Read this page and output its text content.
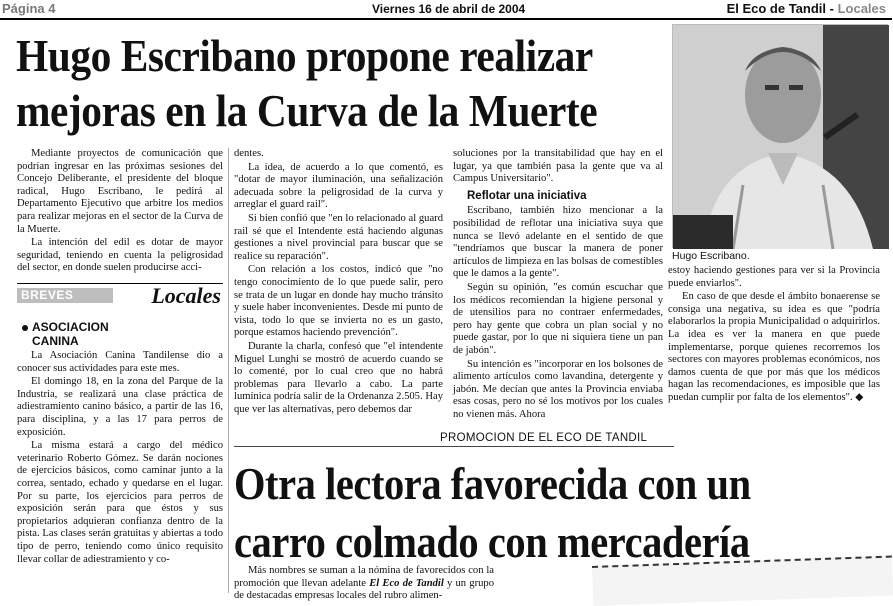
Página 4	Viernes 16 de abril de 2004	El Eco de Tandil - Locales
Hugo Escribano propone realizar
mejoras en la Curva de la Muerte
Hugo Escribano.

Mediante proyectos de comunicación que podrían ingresar en las próximas sesiones del Concejo Deliberante, el presidente del bloque radical, Hugo Escribano, le pedirá al Departamento Ejecutivo que arbitre los medios para realizar mejoras en el sector de la Curva de la Muerte.

La intención del edil es dotar de mayor seguridad, teniendo en cuenta la peligrosidad del sector, en donde suelen producirse acci-

BREVES	Locales
ASOCIACION
CANINA

La Asociación Canina Tandilense dio a conocer sus actividades para este mes.

El domingo 18, en la zona del Parque de la Industria, se realizará una clase práctica de adiestramiento canino básico, a partir de las 16, para disciplina, y a las 17 para perros de exposición.

La misma estará a cargo del médico veterinario Roberto Gómez. Se darán nociones de ejercicios básicos, como caminar junto a la correa, sentado, echado y quedarse en el lugar. Por su parte, los ejercicios para perros de exposición serán para que éstos y sus propietarios adquieran confianza dentro de la pista. Las clases serán gratuitas y abiertas a todo tipo de perro, teniendo como único requisito llevar collar de adiestramiento y co-

dentes.

La idea, de acuerdo a lo que comentó, es "dotar de mayor iluminación, una señalización adecuada sobre la peligrosidad de la curva y arreglar el guard rail".

Si bien confió que "en lo relacionado al guard rail sé que el Intendente está haciendo algunas gestiones a nivel provincial para buscar que se realice su reparación".

Con relación a los costos, indicó que "no tengo conocimiento de lo que puede salir, pero se trata de un lugar en donde hay mucho tránsito y suele haber inconvenientes. Desde mi punto de vista, todo lo que se invierta no es un gasto, porque estamos haciendo prevención".

Durante la charla, confesó que "el intendente Miguel Lunghi se mostró de acuerdo cuando se lo comenté, por lo cual creo que no habrá problemas para llevarlo a cabo. La parte lumínica podría salir de la Ordenanza 2.505. Hay que ver las alternativas, pero debemos dar

soluciones por la transitabilidad que hay en el lugar, ya que también pasa la gente que va al Campus Universitario".

Reflotar una iniciativa

Escribano, también hizo mencionar a la posibilidad de reflotar una iniciativa suya que nunca se llevó adelante en el sentido de que "tendríamos que buscar la manera de poner artículos de limpieza en las bolsas de comestibles que le damos a la gente".

Según su opinión, "es común escuchar que los médicos recomiendan la higiene personal y de utensilios para no contraer enfermedades, pero hay gente que cobra un plan social y no puede gastar, por lo que ni siquiera tiene un pan de jabón".

Su intención es "incorporar en los bolsones de alimento artículos como lavandina, detergente y jabón. Me decían que antes la Provincia enviaba esas cosas, pero no sé los motivos por los cuales no vienen más. Ahora

estoy haciendo gestiones para ver si la Provincia puede enviarlos".

En caso de que desde el ámbito bonaerense se consiga una negativa, su idea es que "podría elaborarlos la propia Municipalidad o adquirirlos. La idea es ver la manera en que puede implementarse, porque quienes recorremos los sectores con mayores problemas económicos, nos damos cuenta de que por más que los médicos hagan las recomendaciones, es imposible que las puedan cumplir por falta de los elementos". ◆

PROMOCION DE EL ECO DE TANDIL
Otra lectora favorecida con un
carro colmado con mercadería

Más nombres se suman a la nómina de favorecidos con la promoción que llevan adelante El Eco de Tandil y un grupo de destacadas empresas locales del rubro alimen-
